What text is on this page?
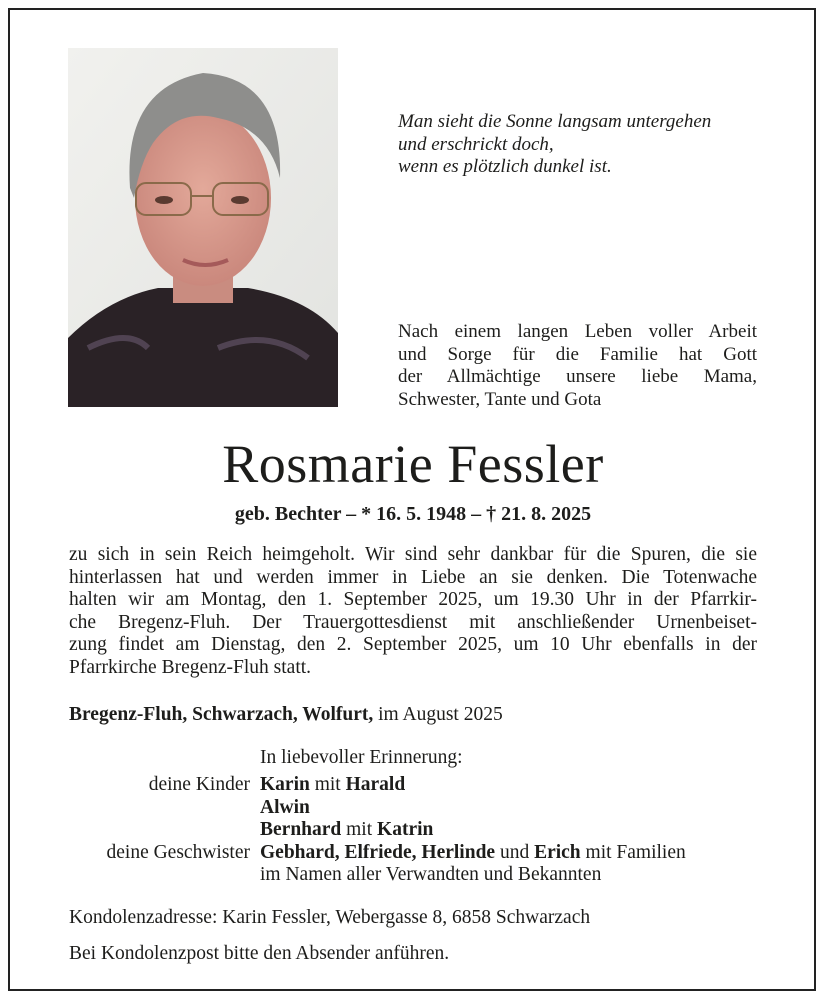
Man sieht die Sonne langsam untergehen
und erschrickt doch,
wenn es plötzlich dunkel ist.
Nach einem langen Leben voller Arbeit
und Sorge für die Familie hat Gott
der Allmächtige unsere liebe Mama,
Schwester, Tante und Gota
Rosmarie Fessler
geb. Bechter – * 16. 5. 1948 – † 21. 8. 2025
zu sich in sein Reich heimgeholt. Wir sind sehr dankbar für die Spuren, die sie
hinterlassen hat und werden immer in Liebe an sie denken. Die Totenwache
halten wir am Montag, den 1. September 2025, um 19.30 Uhr in der Pfarrkir-
che Bregenz-Fluh. Der Trauergottesdienst mit anschließender Urnenbeiset-
zung findet am Dienstag, den 2. September 2025, um 10 Uhr ebenfalls in der
Pfarrkirche Bregenz-Fluh statt.
Bregenz-Fluh, Schwarzach, Wolfurt, im August 2025
In liebevoller Erinnerung:
deine Kinder Karin mit Harald
Alwin
Bernhard mit Katrin
deine Geschwister Gebhard, Elfriede, Herlinde und Erich mit Familien
im Namen aller Verwandten und Bekannten
Kondolenzadresse: Karin Fessler, Webergasse 8, 6858 Schwarzach
Bei Kondolenzpost bitte den Absender anführen.
